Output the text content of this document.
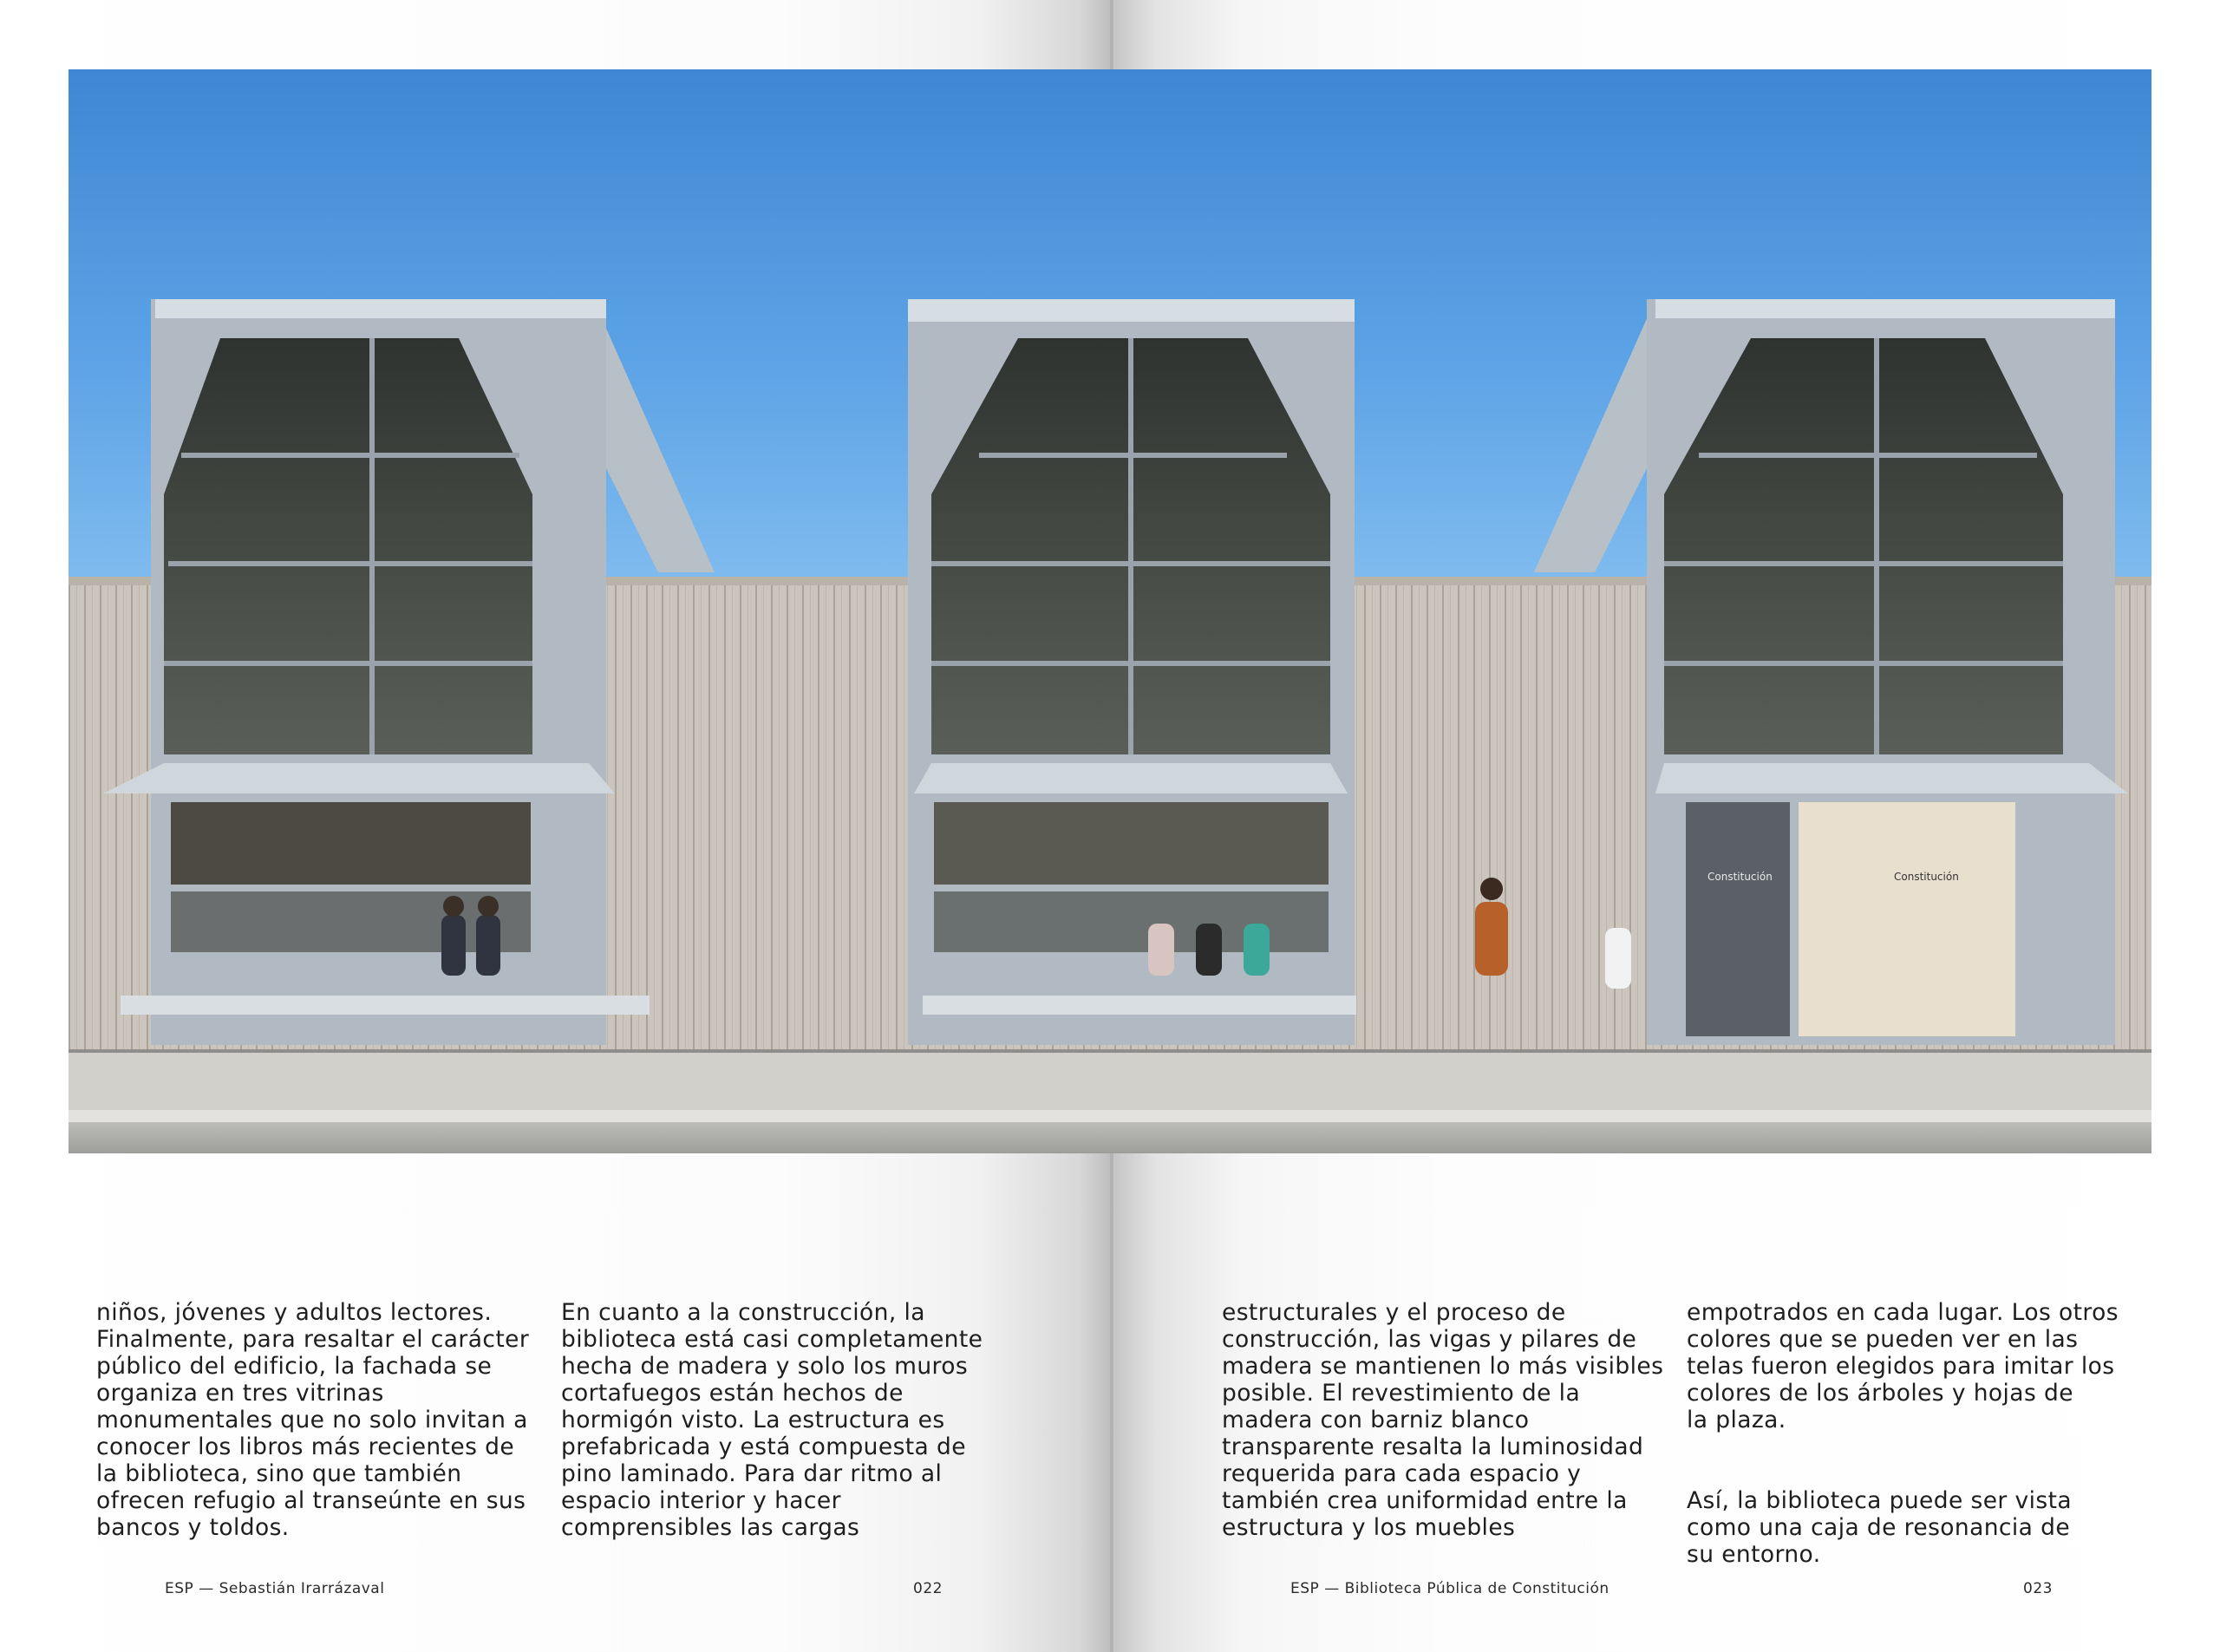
Constitución	Constitución

niños, jóvenes y adultos lectores.
Finalmente, para resaltar el carácter
público del edificio, la fachada se
organiza en tres vitrinas
monumentales que no solo invitan a
conocer los libros más recientes de
la biblioteca, sino que también
ofrecen refugio al transeúnte en sus
bancos y toldos.

En cuanto a la construcción, la
biblioteca está casi completamente
hecha de madera y solo los muros
cortafuegos están hechos de
hormigón visto. La estructura es
prefabricada y está compuesta de
pino laminado. Para dar ritmo al
espacio interior y hacer
comprensibles las cargas

estructurales y el proceso de
construcción, las vigas y pilares de
madera se mantienen lo más visibles
posible. El revestimiento de la
madera con barniz blanco
transparente resalta la luminosidad
requerida para cada espacio y
también crea uniformidad entre la
estructura y los muebles

empotrados en cada lugar. Los otros
colores que se pueden ver en las
telas fueron elegidos para imitar los
colores de los árboles y hojas de
la plaza.

Así, la biblioteca puede ser vista
como una caja de resonancia de
su entorno.

ESP — Sebastián Irarrázaval	022	ESP — Biblioteca Pública de Constitución	023
